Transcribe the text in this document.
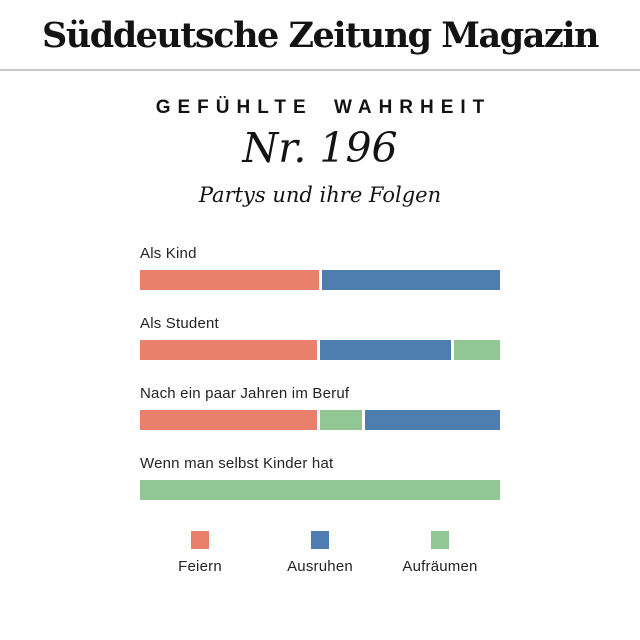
Süddeutsche Zeitung Magazin
GEFÜHLTE WAHRHEIT
Nr. 196
Partys und ihre Folgen
Als Kind
Als Student
Nach ein paar Jahren im Beruf
Wenn man selbst Kinder hat
Feiern	Ausruhen	Aufräumen
